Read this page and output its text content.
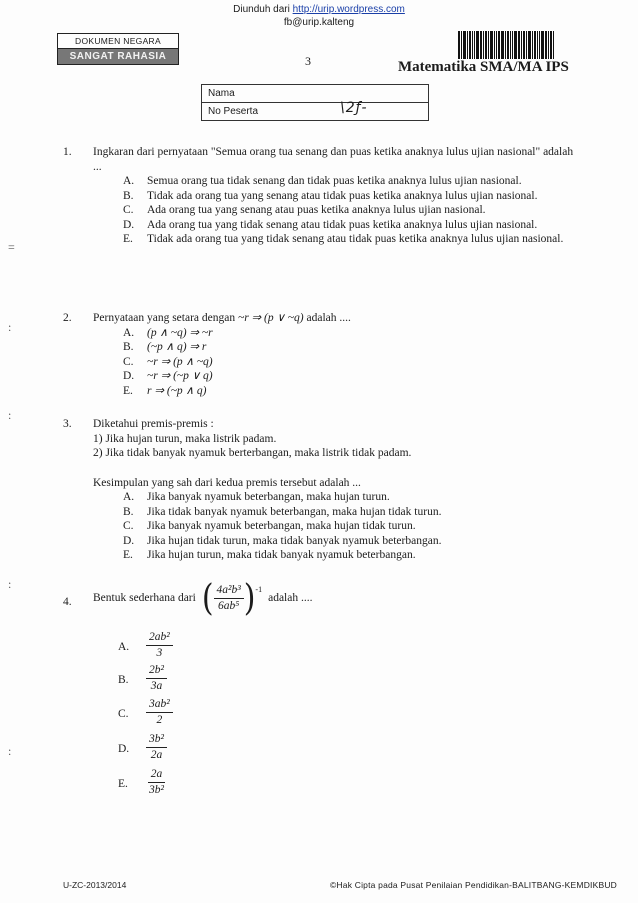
Diunduh dari http://urip.wordpress.com
fb@urip.kalteng
DOKUMEN NEGARA
SANGAT RAHASIA	3	Matematika SMA/MA IPS
Nama
No Peserta	\2ƒ-
=
:
:
:
:
1. Ingkaran dari pernyataan "Semua orang tua senang dan puas ketika anaknya lulus ujian nasional" adalah ...
A. Semua orang tua tidak senang dan tidak puas ketika anaknya lulus ujian nasional.
B. Tidak ada orang tua yang senang atau tidak puas ketika anaknya lulus ujian nasional.
C. Ada orang tua yang senang atau puas ketika anaknya lulus ujian nasional.
D. Ada orang tua yang tidak senang atau tidak puas ketika anaknya lulus ujian nasional.
E. Tidak ada orang tua yang tidak senang atau tidak puas ketika anaknya lulus ujian nasional.
2. Pernyataan yang setara dengan ~r ⇒ (p ∨ ~q) adalah ....
A. (p ∧ ~q) ⇒ ~r
B. (~p ∧ q) ⇒ r
C. ~r ⇒ (p ∧ ~q)
D. ~r ⇒ (~p ∨ q)
E. r ⇒ (~p ∧ q)
3. Diketahui premis-premis :
1) Jika hujan turun, maka listrik padam.
2) Jika tidak banyak nyamuk berterbangan, maka listrik tidak padam.
Kesimpulan yang sah dari kedua premis tersebut adalah ...
A. Jika banyak nyamuk beterbangan, maka hujan turun.
B. Jika tidak banyak nyamuk beterbangan, maka hujan tidak turun.
C. Jika banyak nyamuk beterbangan, maka hujan tidak turun.
D. Jika hujan tidak turun, maka tidak banyak nyamuk beterbangan.
E. Jika hujan turun, maka tidak banyak nyamuk beterbangan.
4. Bentuk sederhana dari ( $\frac{\text{4a²b³}}{\text{6ab⁵}} )^{-1}$
adalah ....
A. $\frac{\text{2ab²}}{3}$
B. $\frac{\text{2b²}}{3a}$
C. $\frac{\text{3ab²}}{2}$
D. $\frac{\text{3b²}}{2a}$
E. $\frac{2a}{\text{3b²}}$
U-ZC-2013/2014	©Hak Cipta pada Pusat Penilaian Pendidikan-BALITBANG-KEMDIKBUD
